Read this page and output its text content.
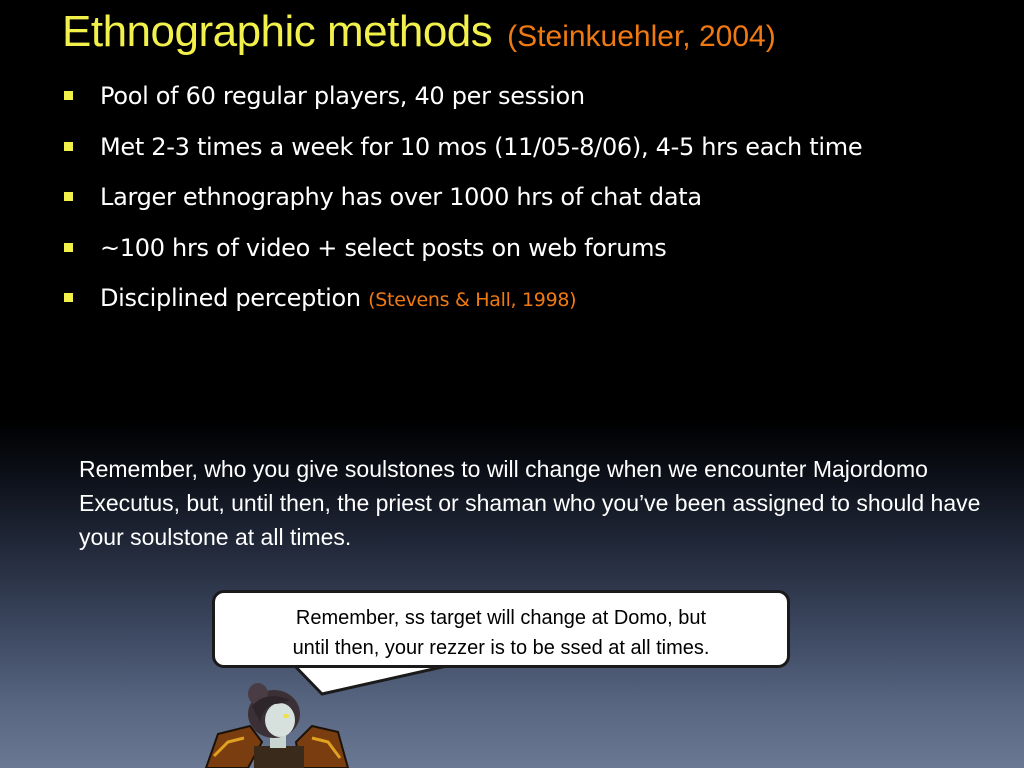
Ethnographic methods (Steinkuehler, 2004)
Pool of 60 regular players, 40 per session
Met 2-3 times a week for 10 mos (11/05-8/06), 4-5 hrs each time
Larger ethnography has over 1000 hrs of chat data
~100 hrs of video + select posts on web forums
Disciplined perception (Stevens & Hall, 1998)

Remember, who you give soulstones to will change when we encounter Majordomo Executus, but, until then, the priest or shaman who you’ve been assigned to should have your soulstone at all times.

Remember, ss target will change at Domo, but
until then, your rezzer is to be ssed at all times.
